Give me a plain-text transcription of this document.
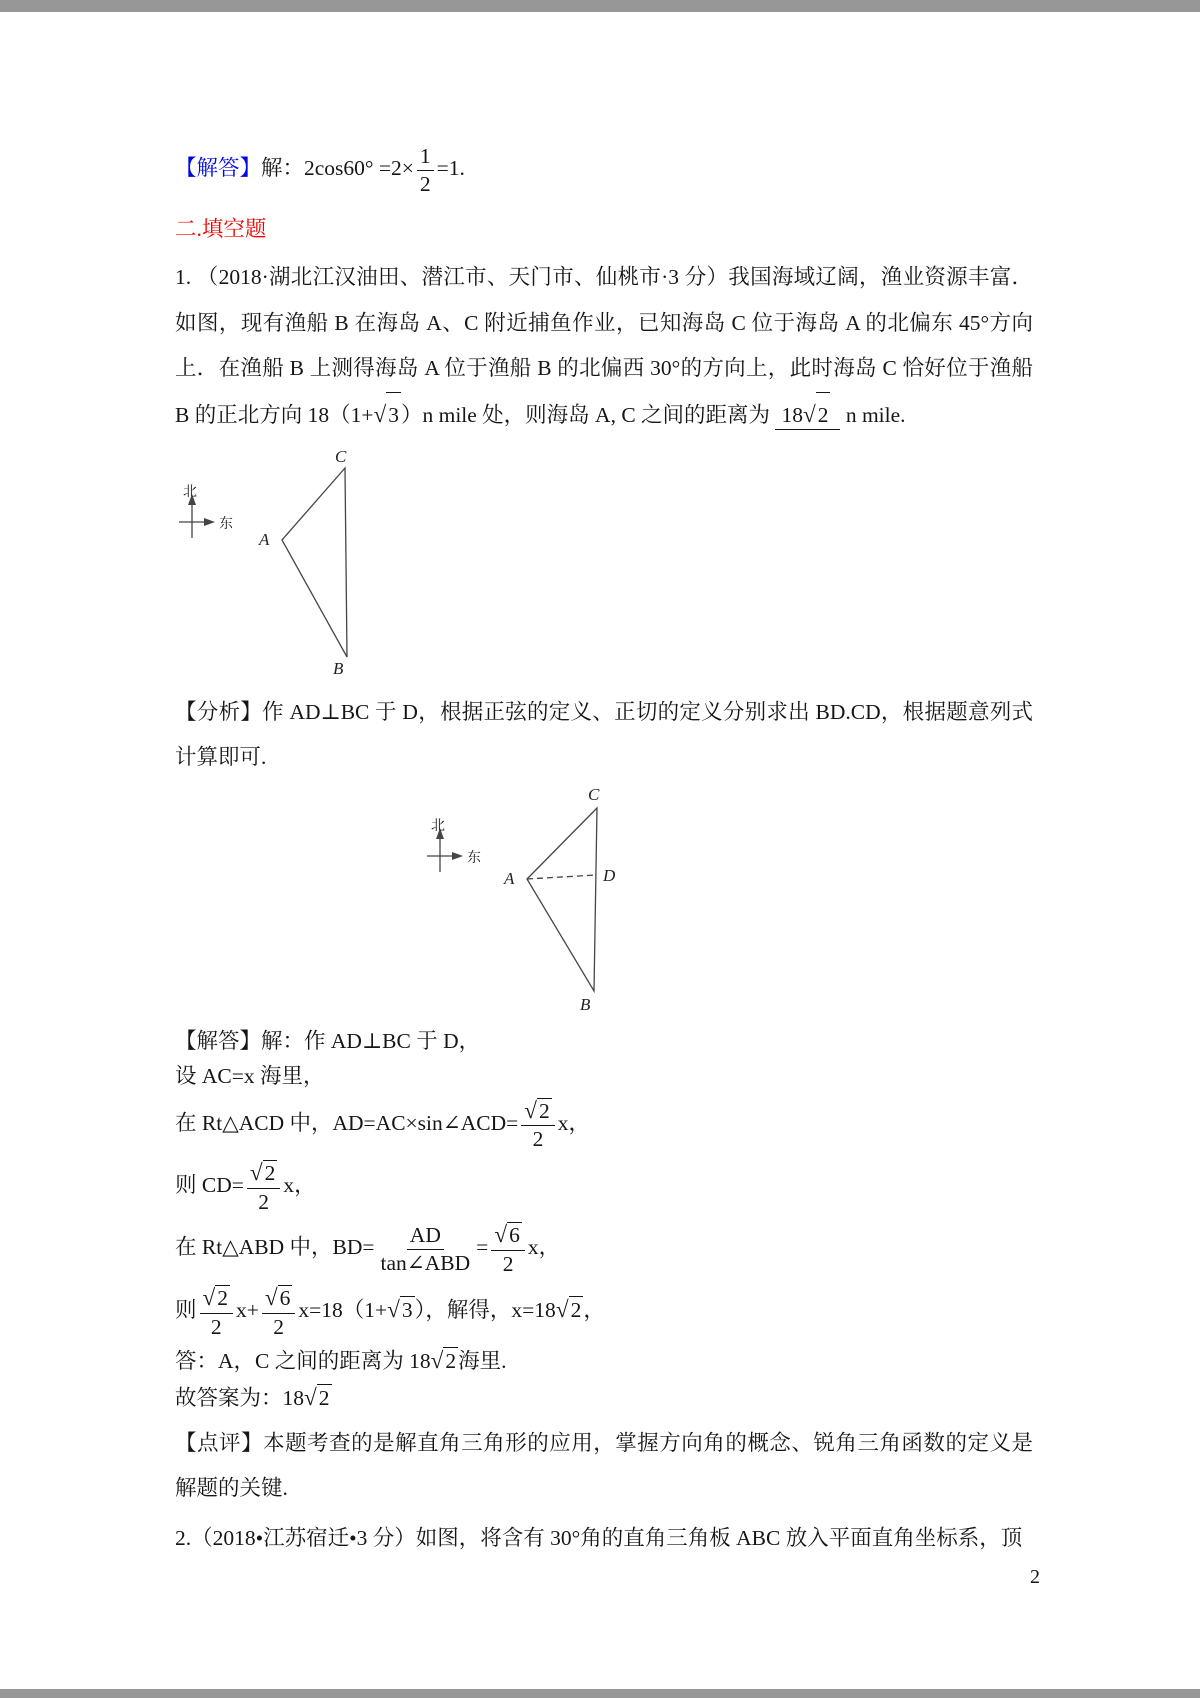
【解答】解：$2\cos 60^\circ =2\times \frac{1}{2} =1$.
二.填空题
1. （2018·湖北江汉油田、潜江市、天门市、仙桃市·3 分）我国海域辽阔，渔业资源丰富．如图，现有渔船 B 在海岛 A、C 附近捕鱼作业，已知海岛 C 位于海岛 A 的北偏东 45°方向上．在渔船 B 上测得海岛 A 位于渔船 B 的北偏西 30°的方向上，此时海岛 C 恰好位于渔船 B 的正北方向 18（1+√3）n mile 处，则海岛 A, C 之间的距离为 18√2 n mile.
北
东
C
A
B
【分析】作 AD⊥BC 于 D，根据正弦的定义、正切的定义分别求出 BD.CD，根据题意列式计算即可.
北
东
C
A
B
D
【解答】解：作 AD⊥BC 于 D，
设 AC=x 海里，
在 Rt△ACD 中，AD=AC×sin∠ACD= $\frac{√2}{2}$ x，
则 $CD= \frac{√2}{2}$ x，
在 Rt△ABD 中，$BD= \frac{AD}{\text{tan∠ABD}} = \frac{√6}{2}$ x，
则 $\frac{√2}{2} x+ \frac{√6}{2} x=18(1+√3)$，解得，x=18√2，
答：A，C 之间的距离为 18√2海里.
故答案为：18√2
【点评】本题考查的是解直角三角形的应用，掌握方向角的概念、锐角三角函数的定义是解题的关键.
2.（2018•江苏宿迁•3 分）如图，将含有 30°角的直角三角板 ABC 放入平面直角坐标系，顶
2
